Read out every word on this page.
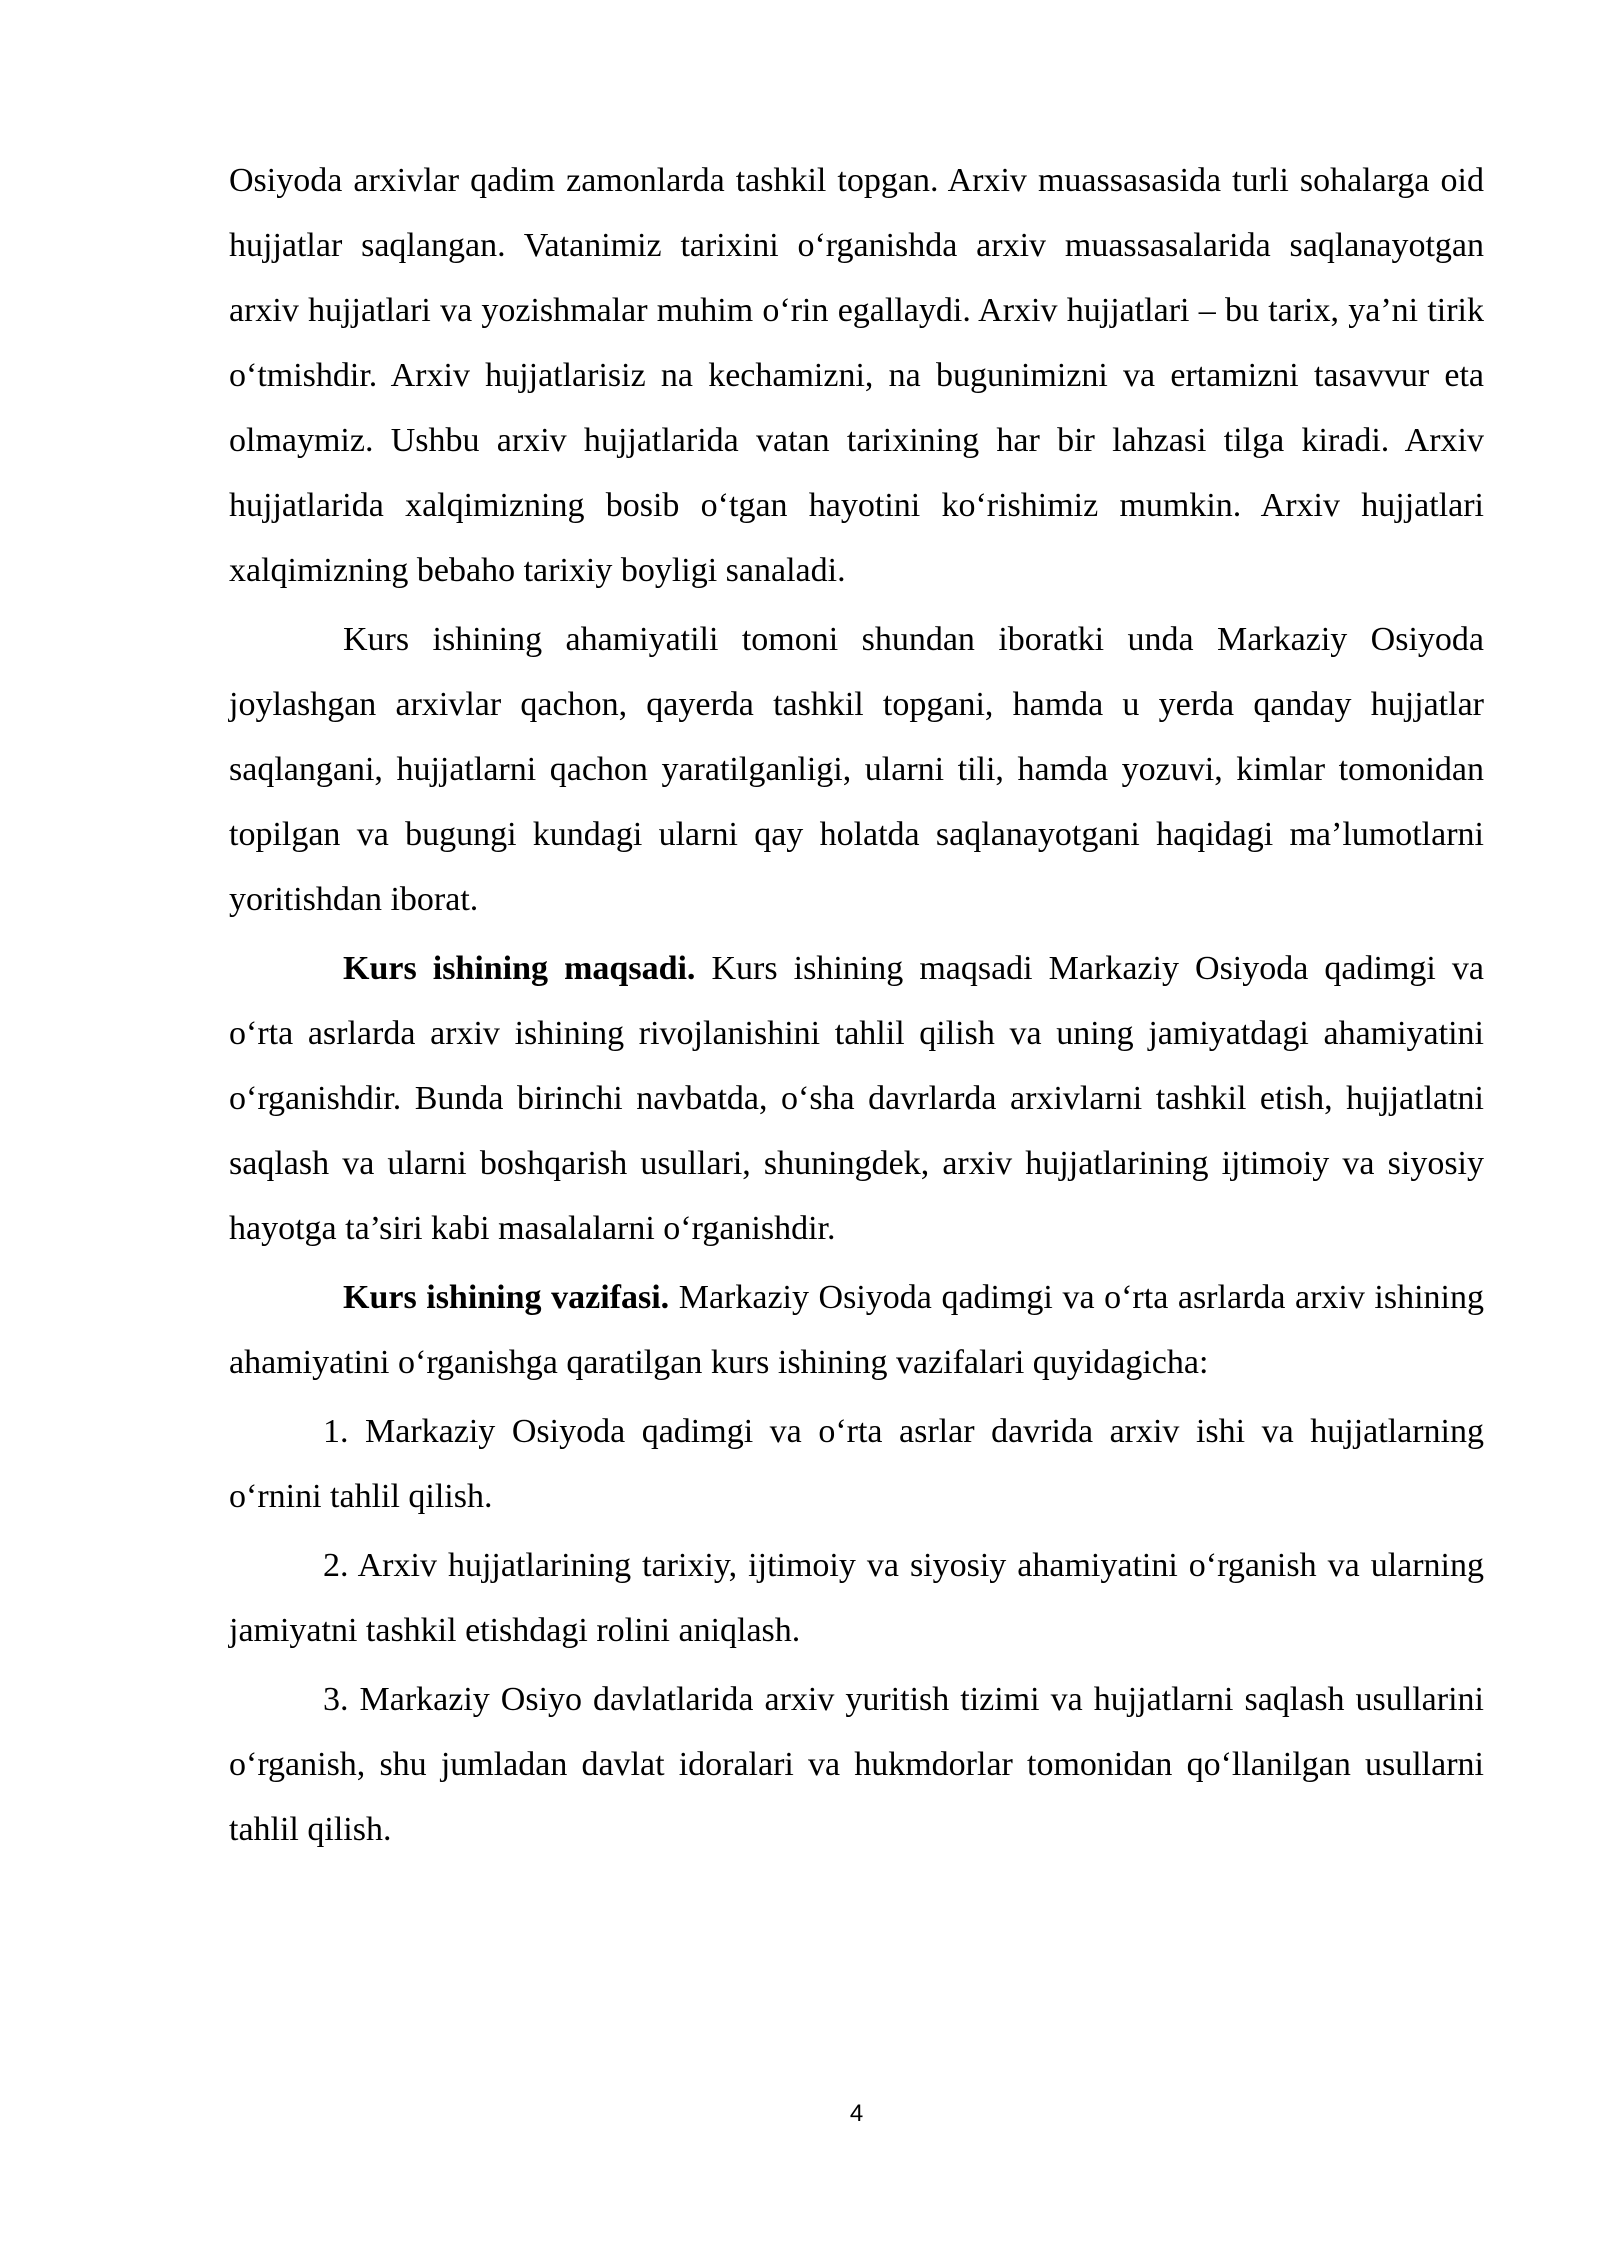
Osiyoda arxivlar qadim zamonlarda tashkil topgan. Arxiv muassasasida turli sohalarga oid hujjatlar saqlangan. Vatanimiz tarixini o‘rganishda arxiv muassasalarida saqlanayotgan arxiv hujjatlari va yozishmalar muhim o‘rin egallaydi. Arxiv hujjatlari – bu tarix, ya’ni tirik o‘tmishdir. Arxiv hujjatlarisiz na kechamizni, na bugunimizni va ertamizni tasavvur eta olmaymiz. Ushbu arxiv hujjatlarida vatan tarixining har bir lahzasi tilga kiradi. Arxiv hujjatlarida xalqimizning bosib o‘tgan hayotini ko‘rishimiz mumkin. Arxiv hujjatlari xalqimizning bebaho tarixiy boyligi sanaladi.

Kurs ishining ahamiyatili tomoni shundan iboratki unda Markaziy Osiyoda joylashgan arxivlar qachon, qayerda tashkil topgani, hamda u yerda qanday hujjatlar saqlangani, hujjatlarni qachon yaratilganligi, ularni tili, hamda yozuvi, kimlar tomonidan topilgan va bugungi kundagi ularni qay holatda saqlanayotgani haqidagi ma’lumotlarni yoritishdan iborat.

Kurs ishining maqsadi. Kurs ishining maqsadi Markaziy Osiyoda qadimgi va o‘rta asrlarda arxiv ishining rivojlanishini tahlil qilish va uning jamiyatdagi ahamiyatini o‘rganishdir. Bunda birinchi navbatda, o‘sha davrlarda arxivlarni tashkil etish, hujjatlatni saqlash va ularni boshqarish usullari, shuningdek, arxiv hujjatlarining ijtimoiy va siyosiy hayotga ta’siri kabi masalalarni o‘rganishdir.

Kurs ishining vazifasi. Markaziy Osiyoda qadimgi va o‘rta asrlarda arxiv ishining ahamiyatini o‘rganishga qaratilgan kurs ishining vazifalari quyidagicha:

1. Markaziy Osiyoda qadimgi va o‘rta asrlar davrida arxiv ishi va hujjatlarning o‘rnini tahlil qilish.

2. Arxiv hujjatlarining tarixiy, ijtimoiy va siyosiy ahamiyatini o‘rganish va ularning jamiyatni tashkil etishdagi rolini aniqlash.

3. Markaziy Osiyo davlatlarida arxiv yuritish tizimi va hujjatlarni saqlash usullarini o‘rganish, shu jumladan davlat idoralari va hukmdorlar tomonidan qo‘llanilgan usullarni tahlil qilish.

4
